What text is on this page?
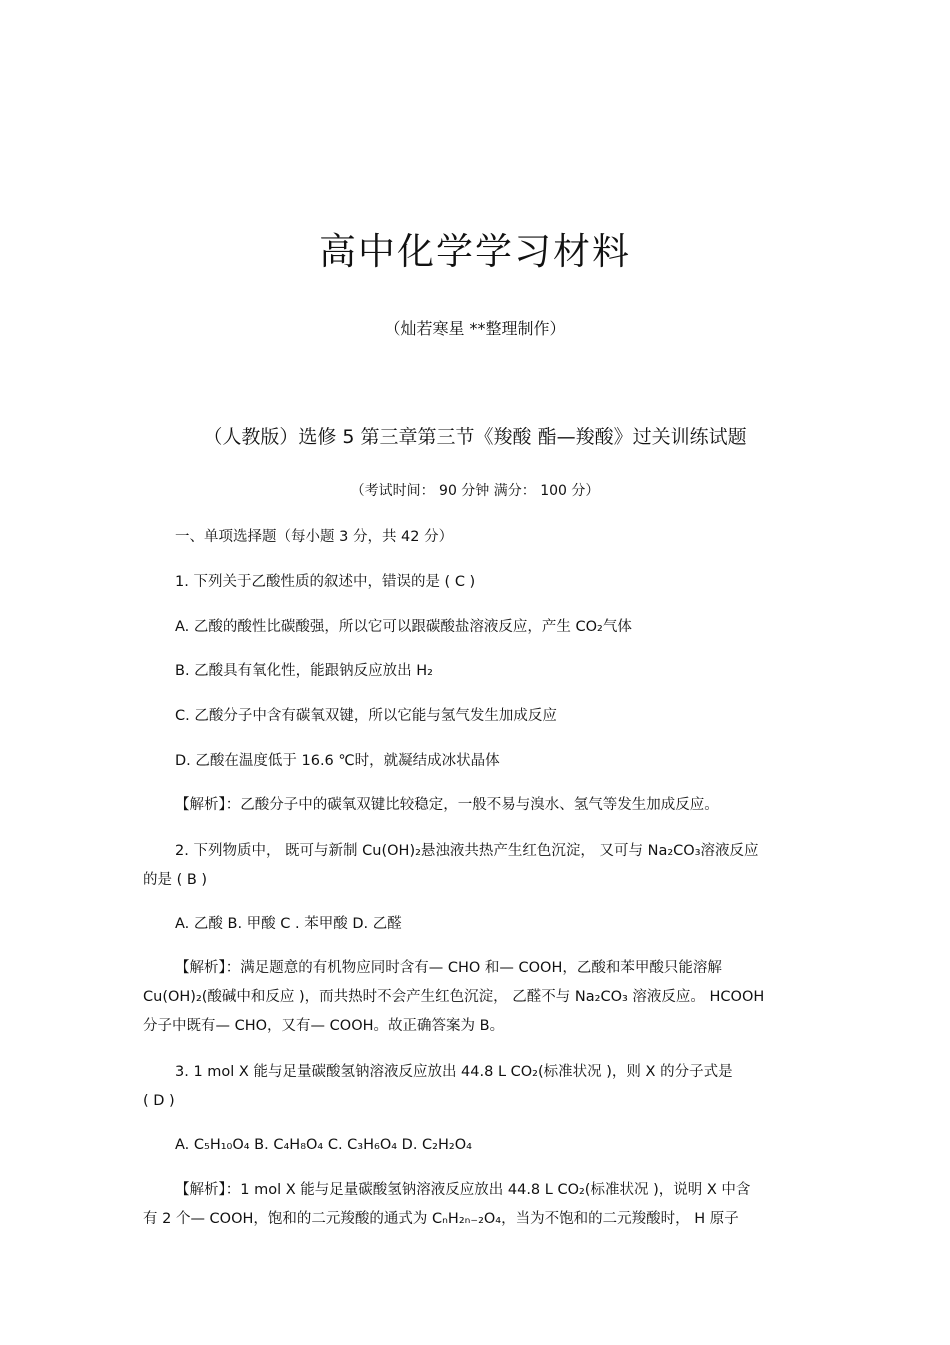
高中化学学习材料
（灿若寒星 **整理制作）
（人教版）选修 5 第三章第三节《羧酸 酯—羧酸》过关训练试题
（考试时间： 90 分钟 满分： 100 分）
一、单项选择题（每小题 3 分，共 42 分）
1. 下列关于乙酸性质的叙述中，错误的是 ( C )
A. 乙酸的酸性比碳酸强，所以它可以跟碳酸盐溶液反应，产生 CO₂气体
B. 乙酸具有氧化性，能跟钠反应放出 H₂
C. 乙酸分子中含有碳氧双键，所以它能与氢气发生加成反应
D. 乙酸在温度低于 16.6 ℃时，就凝结成冰状晶体
【解析】：乙酸分子中的碳氧双键比较稳定，一般不易与溴水、氢气等发生加成反应。
2. 下列物质中， 既可与新制 Cu(OH)₂悬浊液共热产生红色沉淀， 又可与 Na₂CO₃溶液反应
的是 ( B )
A. 乙酸 B. 甲酸 C . 苯甲酸 D. 乙醛
【解析】：满足题意的有机物应同时含有— CHO 和— COOH，乙酸和苯甲酸只能溶解
Cu(OH)₂(酸碱中和反应 )，而共热时不会产生红色沉淀， 乙醛不与 Na₂CO₃ 溶液反应。 HCOOH
分子中既有— CHO，又有— COOH。故正确答案为 B。
3. 1 mol X 能与足量碳酸氢钠溶液反应放出 44.8 L CO₂(标准状况 )，则 X 的分子式是
( D )
A. C₅H₁₀O₄ B. C₄H₈O₄ C. C₃H₆O₄ D. C₂H₂O₄
【解析】：1 mol X 能与足量碳酸氢钠溶液反应放出 44.8 L CO₂(标准状况 )，说明 X 中含
有 2 个— COOH，饱和的二元羧酸的通式为 CₙH₂ₙ₋₂O₄，当为不饱和的二元羧酸时， H 原子
